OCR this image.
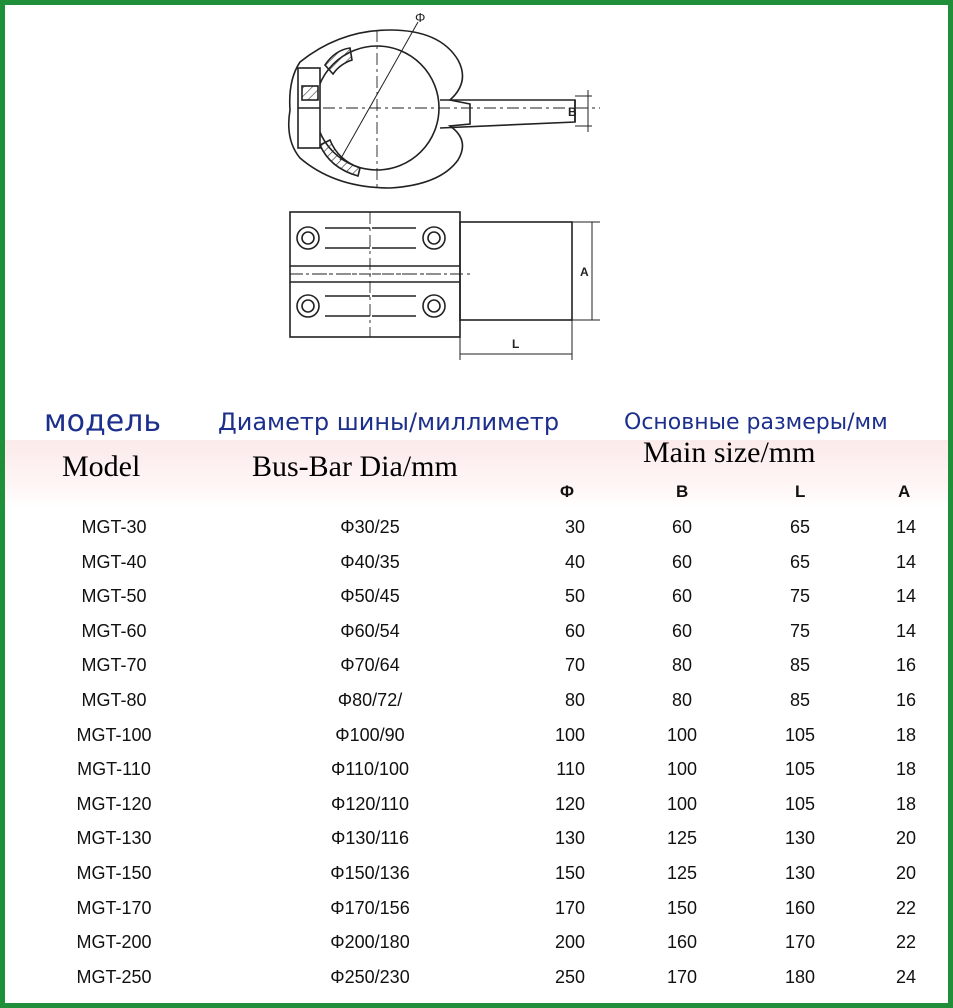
Φ
B
A
L
модель
Model
Диаметр шины/миллиметр
Bus-Bar Dia/mm
Основные размеры/мм
Main size/mm
Φ	B	L	A
MGT-30	Φ30/25	30	60	65	14
MGT-40	Φ40/35	40	60	65	14
MGT-50	Φ50/45	50	60	75	14
MGT-60	Φ60/54	60	60	75	14
MGT-70	Φ70/64	70	80	85	16
MGT-80	Φ80/72/	80	80	85	16
MGT-100	Φ100/90	100	100	105	18
MGT-110	Φ110/100	110	100	105	18
MGT-120	Φ120/110	120	100	105	18
MGT-130	Φ130/116	130	125	130	20
MGT-150	Φ150/136	150	125	130	20
MGT-170	Φ170/156	170	150	160	22
MGT-200	Φ200/180	200	160	170	22
MGT-250	Φ250/230	250	170	180	24
